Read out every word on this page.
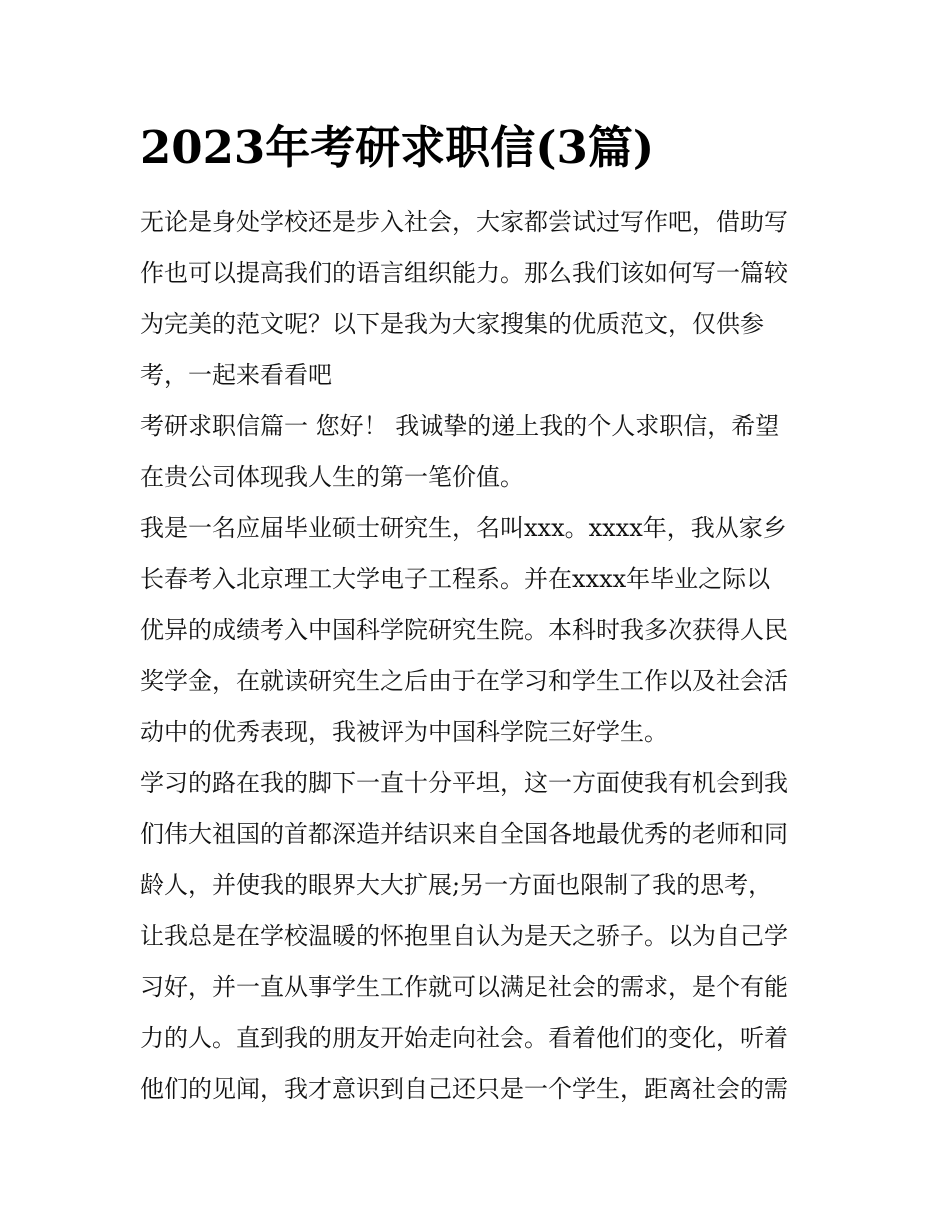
2023年考研求职信(3篇)

无论是身处学校还是步入社会，大家都尝试过写作吧，借助写
作也可以提高我们的语言组织能力。那么我们该如何写一篇较
为完美的范文呢？以下是我为大家搜集的优质范文，仅供参
考，一起来看看吧

考研求职信篇一 您好！ 我诚挚的递上我的个人求职信，希望
在贵公司体现我人生的第一笔价值。

我是一名应届毕业硕士研究生，名叫xxx。xxxx年，我从家乡
长春考入北京理工大学电子工程系。并在xxxx年毕业之际以
优异的成绩考入中国科学院研究生院。本科时我多次获得人民
奖学金，在就读研究生之后由于在学习和学生工作以及社会活
动中的优秀表现，我被评为中国科学院三好学生。

学习的路在我的脚下一直十分平坦，这一方面使我有机会到我
们伟大祖国的首都深造并结识来自全国各地最优秀的老师和同
龄人，并使我的眼界大大扩展;另一方面也限制了我的思考，
让我总是在学校温暖的怀抱里自认为是天之骄子。以为自己学
习好，并一直从事学生工作就可以满足社会的需求，是个有能
力的人。直到我的朋友开始走向社会。看着他们的变化，听着
他们的见闻，我才意识到自己还只是一个学生，距离社会的需
